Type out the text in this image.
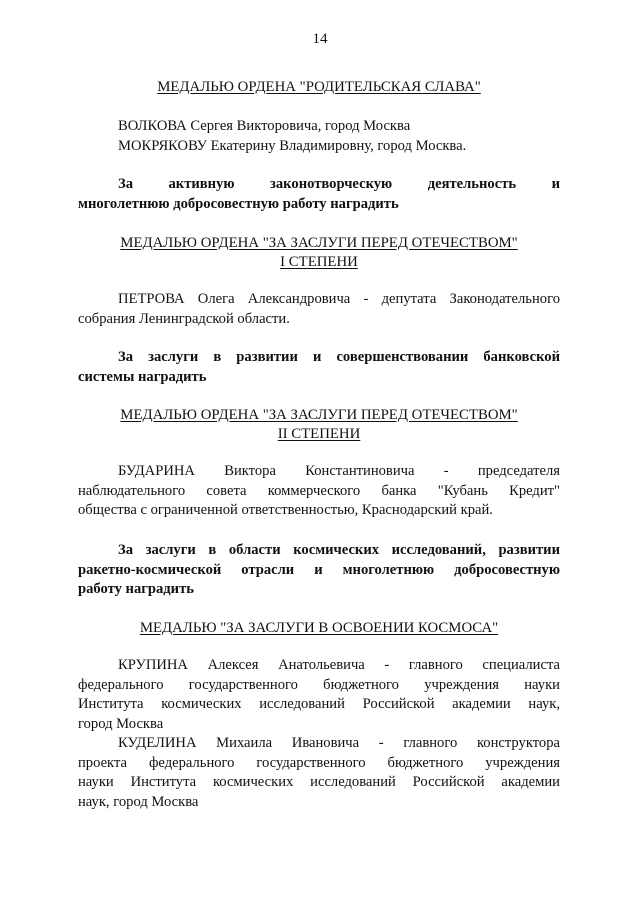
14
МЕДАЛЬЮ ОРДЕНА "РОДИТЕЛЬСКАЯ СЛАВА"
ВОЛКОВА Сергея Викторовича, город Москва
МОКРЯКОВУ Екатерину Владимировну, город Москва.
За активную законотворческую деятельность и
многолетнюю добросовестную работу наградить
МЕДАЛЬЮ ОРДЕНА "ЗА ЗАСЛУГИ ПЕРЕД ОТЕЧЕСТВОМ"
I СТЕПЕНИ
ПЕТРОВА Олега Александровича - депутата Законодательного
собрания Ленинградской области.
За заслуги в развитии и совершенствовании банковской
системы наградить
МЕДАЛЬЮ ОРДЕНА "ЗА ЗАСЛУГИ ПЕРЕД ОТЕЧЕСТВОМ"
II СТЕПЕНИ
БУДАРИНА Виктора Константиновича - председателя
наблюдательного совета коммерческого банка "Кубань Кредит"
общества с ограниченной ответственностью, Краснодарский край.
За заслуги в области космических исследований, развитии
ракетно-космической отрасли и многолетнюю добросовестную
работу наградить
МЕДАЛЬЮ "ЗА ЗАСЛУГИ В ОСВОЕНИИ КОСМОСА"
КРУПИНА Алексея Анатольевича - главного специалиста
федерального государственного бюджетного учреждения науки
Института космических исследований Российской академии наук,
город Москва
КУДЕЛИНА Михаила Ивановича - главного конструктора
проекта федерального государственного бюджетного учреждения
науки Института космических исследований Российской академии
наук, город Москва
